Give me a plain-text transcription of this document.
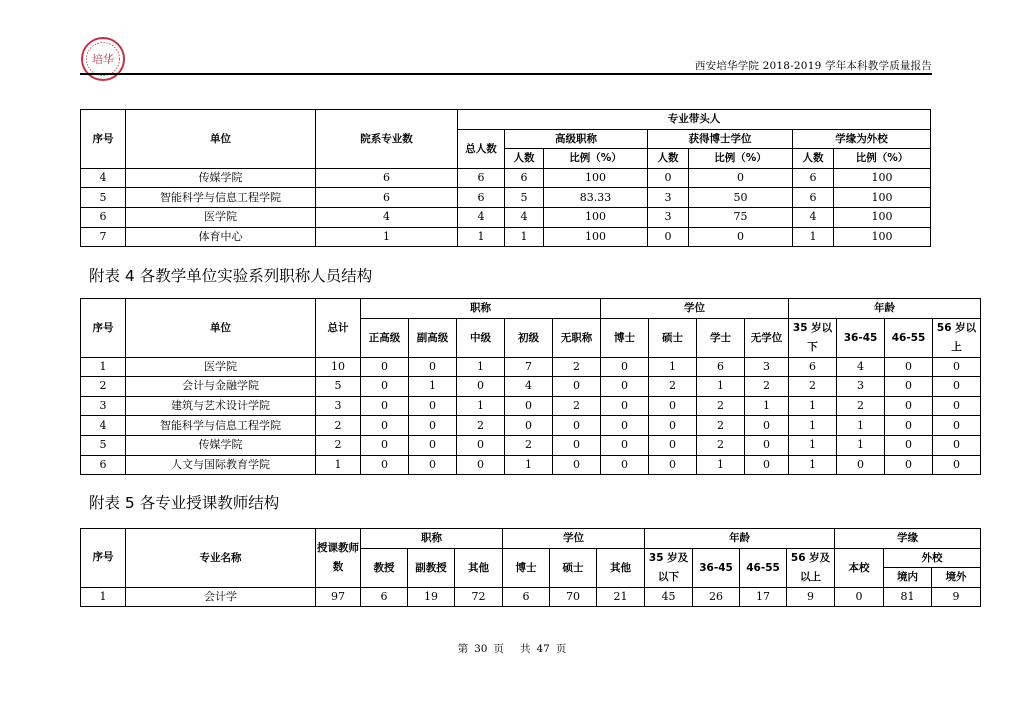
培华	西安培华学院 2018-2019 学年本科教学质量报告
序号	单位	院系专业数	专业带头人						
			总人数	高级职称		获得博士学位		学缘为外校	
				人数	比例（%）	人数	比例（%）	人数	比例（%）
4	传媒学院	6	6	6	100	0	0	6	100
5	智能科学与信息工程学院	6	6	5	83.33	3	50	6	100
6	医学院	4	4	4	100	3	75	4	100
7	体育中心	1	1	1	100	0	0	1	100
附表 4 各教学单位实验系列职称人员结构
序号	单位	总计	职称					学位				年龄			
			正高级	副高级	中级	初级	无职称	博士	硕士	学士	无学位	35 岁以下	36-45	46-55	56 岁以上
1	医学院	10	0	0	1	7	2	0	1	6	3	6	4	0	0
2	会计与金融学院	5	0	1	0	4	0	0	2	1	2	2	3	0	0
3	建筑与艺术设计学院	3	0	0	1	0	2	0	0	2	1	1	2	0	0
4	智能科学与信息工程学院	2	0	0	2	0	0	0	0	2	0	1	1	0	0
5	传媒学院	2	0	0	0	2	0	0	0	2	0	1	1	0	0
6	人文与国际教育学院	1	0	0	0	1	0	0	0	1	0	1	0	0	0
附表 5 各专业授课教师结构
序号	专业名称	授课教师数	职称			学位			年龄				学缘		
			教授	副教授	其他	博士	硕士	其他	35 岁及以下	36-45	46-55	56 岁及以上	本校	外校	
														境内	境外
1	会计学	97	6	19	72	6	70	21	45	26	17	9	0	81	9
第 30 页 共 47 页
